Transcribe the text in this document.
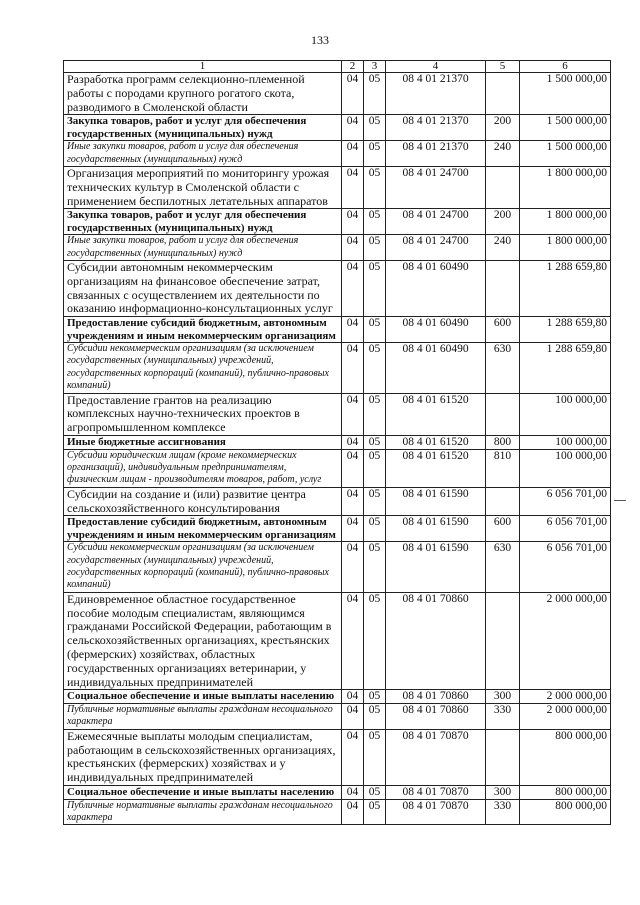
133
1	2	3	4	5	6
Разработка программ селекционно-племенной работы с породами крупного рогатого скота, разводимого в Смоленской области	04	05	08 4 01 21370		1 500 000,00
Закупка товаров, работ и услуг для обеспечения государственных (муниципальных) нужд	04	05	08 4 01 21370	200	1 500 000,00
Иные закупки товаров, работ и услуг для обеспечения государственных (муниципальных) нужд	04	05	08 4 01 21370	240	1 500 000,00
Организация мероприятий по мониторингу урожая технических культур в Смоленской области с применением беспилотных летательных аппаратов	04	05	08 4 01 24700		1 800 000,00
Закупка товаров, работ и услуг для обеспечения государственных (муниципальных) нужд	04	05	08 4 01 24700	200	1 800 000,00
Иные закупки товаров, работ и услуг для обеспечения государственных (муниципальных) нужд	04	05	08 4 01 24700	240	1 800 000,00
Субсидии автономным некоммерческим организациям на финансовое обеспечение затрат, связанных с осуществлением их деятельности по оказанию информационно-консультационных услуг	04	05	08 4 01 60490		1 288 659,80
Предоставление субсидий бюджетным, автономным учреждениям и иным некоммерческим организациям	04	05	08 4 01 60490	600	1 288 659,80
Субсидии некоммерческим организациям (за исключением государственных (муниципальных) учреждений, государственных корпораций (компаний), публично-правовых компаний)	04	05	08 4 01 60490	630	1 288 659,80
Предоставление грантов на реализацию комплексных научно-технических проектов в агропромышленном комплексе	04	05	08 4 01 61520		100 000,00
Иные бюджетные ассигнования	04	05	08 4 01 61520	800	100 000,00
Субсидии юридическим лицам (кроме некоммерческих организаций), индивидуальным предпринимателям, физическим лицам - производителям товаров, работ, услуг	04	05	08 4 01 61520	810	100 000,00
Субсидии на создание и (или) развитие центра сельскохозяйственного консультирования	04	05	08 4 01 61590		6 056 701,00
Предоставление субсидий бюджетным, автономным учреждениям и иным некоммерческим организациям	04	05	08 4 01 61590	600	6 056 701,00
Субсидии некоммерческим организациям (за исключением государственных (муниципальных) учреждений, государственных корпораций (компаний), публично-правовых компаний)	04	05	08 4 01 61590	630	6 056 701,00
Единовременное областное государственное пособие молодым специалистам, являющимся гражданами Российской Федерации, работающим в сельскохозяйственных организациях, крестьянских (фермерских) хозяйствах, областных государственных организациях ветеринарии, у индивидуальных предпринимателей	04	05	08 4 01 70860		2 000 000,00
Социальное обеспечение и иные выплаты населению	04	05	08 4 01 70860	300	2 000 000,00
Публичные нормативные выплаты гражданам несоциального характера	04	05	08 4 01 70860	330	2 000 000,00
Ежемесячные выплаты молодым специалистам, работающим в сельскохозяйственных организациях, крестьянских (фермерских) хозяйствах и у индивидуальных предпринимателей	04	05	08 4 01 70870		800 000,00
Социальное обеспечение и иные выплаты населению	04	05	08 4 01 70870	300	800 000,00
Публичные нормативные выплаты гражданам несоциального характера	04	05	08 4 01 70870	330	800 000,00
